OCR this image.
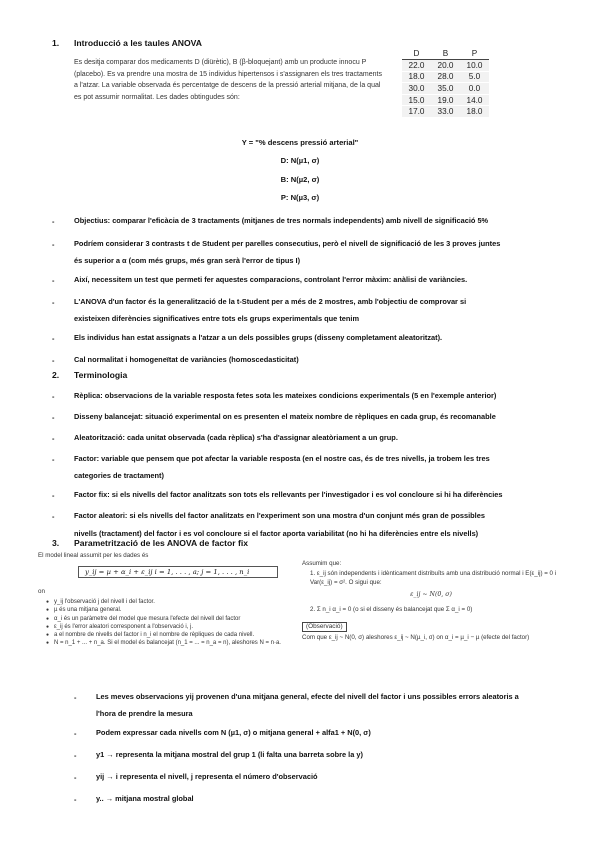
1. Introducció a les taules ANOVA
Es desitja comparar dos medicaments D (diürètic), B (β-bloquejant) amb un producte innocu P (placebo). Es va prendre una mostra de 15 individus hipertensos i s'assignaren els tres tractaments a l'atzar. La variable observada és percentatge de descens de la pressió arterial mitjana, de la qual es pot assumir normalitat. Les dades obtingudes són:
D	B	P
22.0	20.0	10.0
18.0	28.0	5.0
30.0	35.0	0.0
15.0	19.0	14.0
17.0	33.0	18.0
Y = "% descens pressió arterial"
D: N(µ1, σ)
B: N(µ2, σ)
P: N(µ3, σ)
-	Objectius: comparar l'eficàcia de 3 tractaments (mitjanes de tres normals independents) amb nivell de significació 5%
-	Podríem considerar 3 contrasts t de Student per parelles consecutius, però el nivell de significació de les 3 proves juntes
és superior a α (com més grups, més gran serà l'error de tipus I)
-	Així, necessitem un test que permeti fer aquestes comparacions, controlant l'error màxim: anàlisi de variàncies.
-	L'ANOVA d'un factor és la generalització de la t-Student per a més de 2 mostres, amb l'objectiu de comprovar si
existeixen diferències significatives entre tots els grups experimentals que tenim
-	Els individus han estat assignats a l'atzar a un dels possibles grups (disseny completament aleatoritzat).
-	Cal normalitat i homogeneïtat de variàncies (homoscedasticitat)
2. Terminologia
-	Rèplica: observacions de la variable resposta fetes sota les mateixes condicions experimentals (5 en l'exemple anterior)
-	Disseny balancejat: situació experimental on es presenten el mateix nombre de rèpliques en cada grup, és recomanable
-	Aleatorització: cada unitat observada (cada rèplica) s'ha d'assignar aleatòriament a un grup.
-	Factor: variable que pensem que pot afectar la variable resposta (en el nostre cas, és de tres nivells, ja trobem les tres
categories de tractament)
-	Factor fix: si els nivells del factor analitzats son tots els rellevants per l'investigador i es vol concloure si hi ha diferències
-	Factor aleatori: si els nivells del factor analitzats en l'experiment son una mostra d'un conjunt més gran de possibles
nivells (tractament) del factor i es vol concloure si el factor aporta variabilitat (no hi ha diferències entre els nivells)
3. Parametrització de les ANOVA de factor fix
El model lineal assumit per les dades és
y_ij = µ + α_i + ε_ij i = 1, . . . , a; j = 1, . . . , n_i
on
● y_ij l'observació j del nivell i del factor.
● µ és una mitjana general.
● α_i és un paràmetre del model que mesura l'efecte del nivell del factor
● ε_ij és l'error aleatori corresponent a l'observació i, j.
● a el nombre de nivells del factor i n_i el nombre de rèpliques de cada nivell.
● N = n_1 + ... + n_a. Si el model és balancejat (n_1 = ... = n_a = n), aleshores N = n·a.
Assumim que:
1. ε_ij són independents i idènticament distribuïts amb una distribució normal i E(ε_ij) = 0 i Var(ε_ij) = σ². O sigui que:
ε_ij ~ N(0, σ)
2. Σ n_i α_i = 0 (o si el disseny és balancejat que Σ α_i = 0)
(Observació)
Com que ε_ij ~ N(0, σ) aleshores ε_ij ~ N(µ_i, σ) on α_i = µ_i − µ (efecte del factor)
-	Les meves observacions yij provenen d'una mitjana general, efecte del nivell del factor i uns possibles errors aleatoris a
l'hora de prendre la mesura
-	Podem expressar cada nivells com N (µ1, σ) o mitjana general + alfa1 + N(0, σ)
-	y1 → representa la mitjana mostral del grup 1 (li falta una barreta sobre la y)
-	yij → i representa el nivell, j representa el número d'observació
-	y.. → mitjana mostral global
